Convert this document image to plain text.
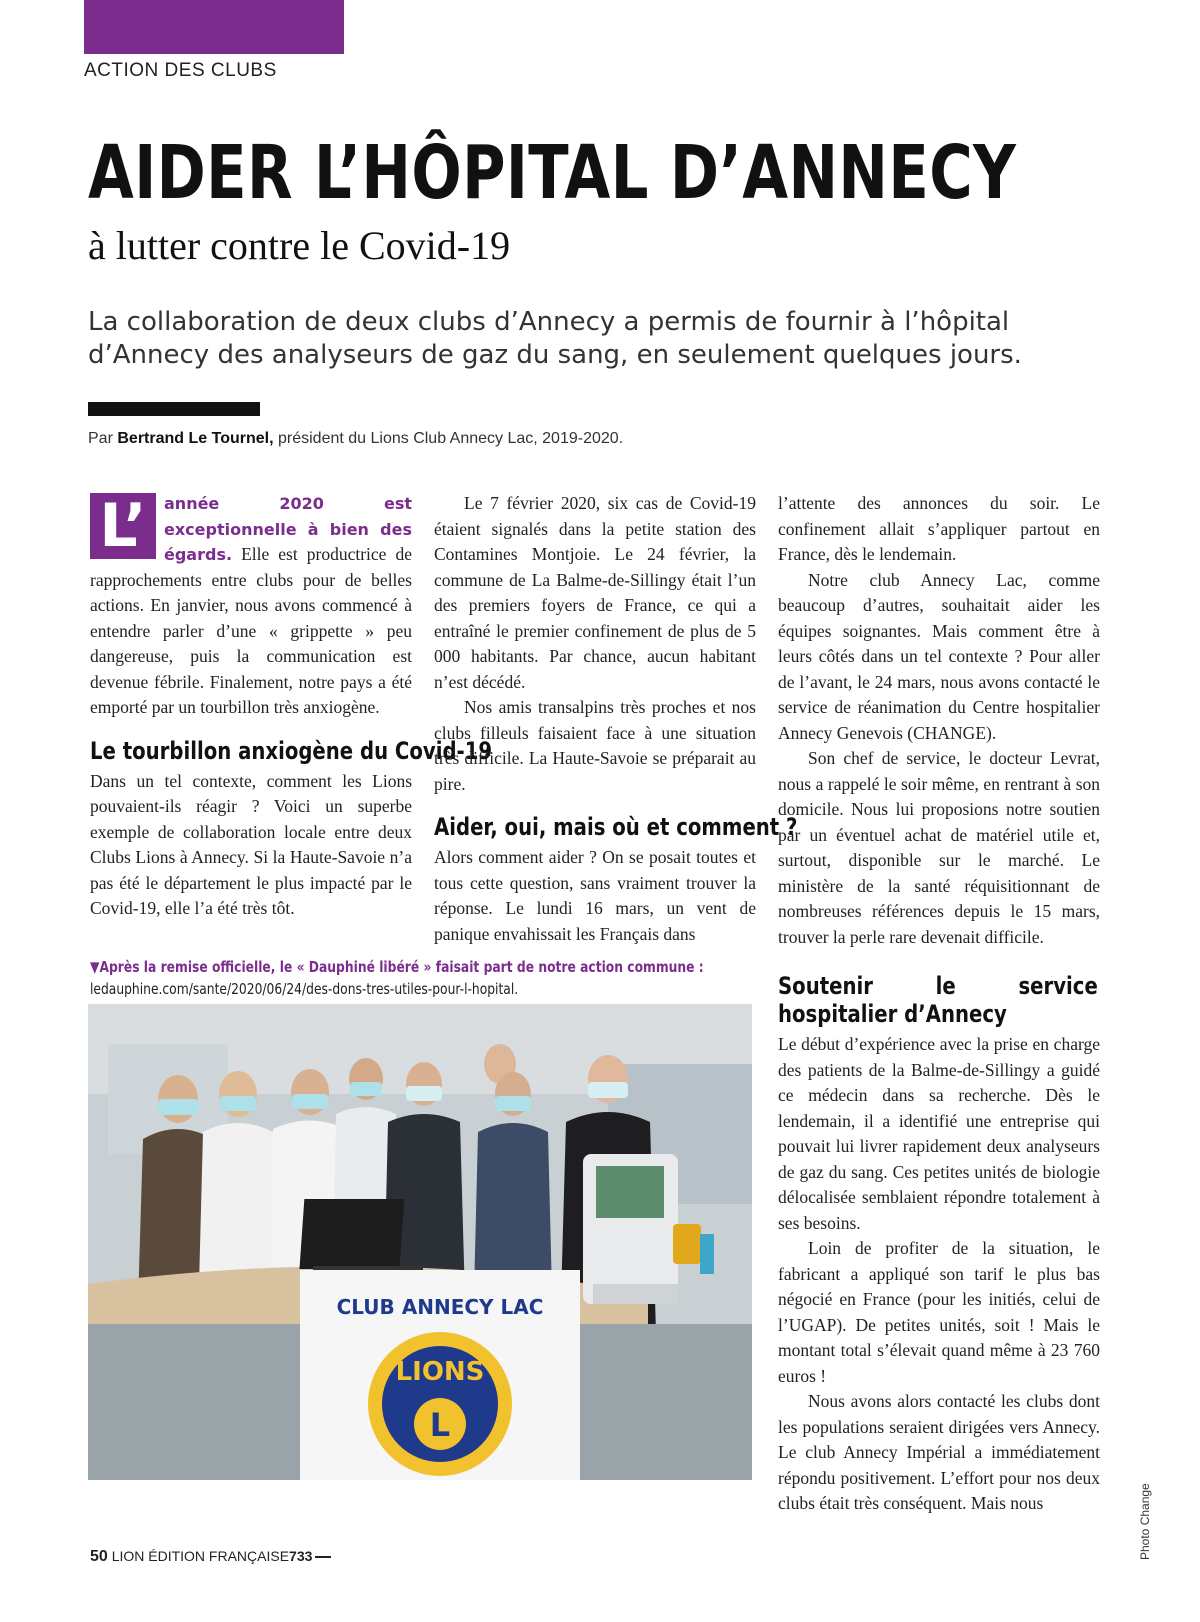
ACTION DES CLUBS
AIDER L’HÔPITAL D’ANNECY
à lutter contre le Covid-19
La collaboration de deux clubs d’Annecy a permis de fournir à l’hôpital d’Annecy des analyseurs de gaz du sang, en seulement quelques jours.
Par Bertrand Le Tournel, président du Lions Club Annecy Lac, 2019-2020.

L’	année 2020 est exceptionnelle à bien des égards. Elle est productrice de rapprochements entre clubs pour de belles actions. En janvier, nous avons commencé à entendre parler d’une « grippette » peu dangereuse, puis la communication est devenue fébrile. Finalement, notre pays a été emporté par un tourbillon très anxiogène.

Le tourbillon anxiogène du Covid-19

Dans un tel contexte, comment les Lions pouvaient-ils réagir ? Voici un superbe exemple de collaboration locale entre deux Clubs Lions à Annecy. Si la Haute-Savoie n’a pas été le département le plus impacté par le Covid-19, elle l’a été très tôt.

Le 7 février 2020, six cas de Covid-19 étaient signalés dans la petite station des Contamines Montjoie. Le 24 février, la commune de La Balme-de-Sillingy était l’un des premiers foyers de France, ce qui a entraîné le premier confinement de plus de 5 000 habitants. Par chance, aucun habitant n’est décédé.

Nos amis transalpins très proches et nos clubs filleuls faisaient face à une situation très difficile. La Haute-Savoie se préparait au pire.

Aider, oui, mais où et comment ?

Alors comment aider ? On se posait toutes et tous cette question, sans vraiment trouver la réponse. Le lundi 16 mars, un vent de panique envahissait les Français dans

l’attente des annonces du soir. Le confinement allait s’appliquer partout en France, dès le lendemain.

Notre club Annecy Lac, comme beaucoup d’autres, souhaitait aider les équipes soignantes. Mais comment être à leurs côtés dans un tel contexte ? Pour aller de l’avant, le 24 mars, nous avons contacté le service de réanimation du Centre hospitalier Annecy Genevois (CHANGE).

Son chef de service, le docteur Levrat, nous a rappelé le soir même, en rentrant à son domicile. Nous lui proposions notre soutien par un éventuel achat de matériel utile et, surtout, disponible sur le marché. Le ministère de la santé réquisitionnant de nombreuses références depuis le 15 mars, trouver la perle rare devenait difficile.

Soutenir le service hospitalier d’Annecy

Le début d’expérience avec la prise en charge des patients de la Balme-de-Sillingy a guidé ce médecin dans sa recherche. Dès le lendemain, il a identifié une entreprise qui pouvait lui livrer rapidement deux analyseurs de gaz du sang. Ces petites unités de biologie délocalisée semblaient répondre totalement à ses besoins.

Loin de profiter de la situation, le fabricant a appliqué son tarif le plus bas négocié en France (pour les initiés, celui de l’UGAP). De petites unités, soit ! Mais le montant total s’élevait quand même à 23 760 euros !

Nous avons alors contacté les clubs dont les populations seraient dirigées vers Annecy. Le club Annecy Impérial a immédiatement répondu positivement. L’effort pour nos deux clubs était très conséquent. Mais nous

▼Après la remise officielle, le « Dauphiné libéré » faisait part de notre action commune :
ledauphine.com/sante/2020/06/24/des-dons-tres-utiles-pour-l-hopital.
CLUB ANNECY LAC
LIONS
L
Photo Change
50 LION ÉDITION FRANÇAISE733
